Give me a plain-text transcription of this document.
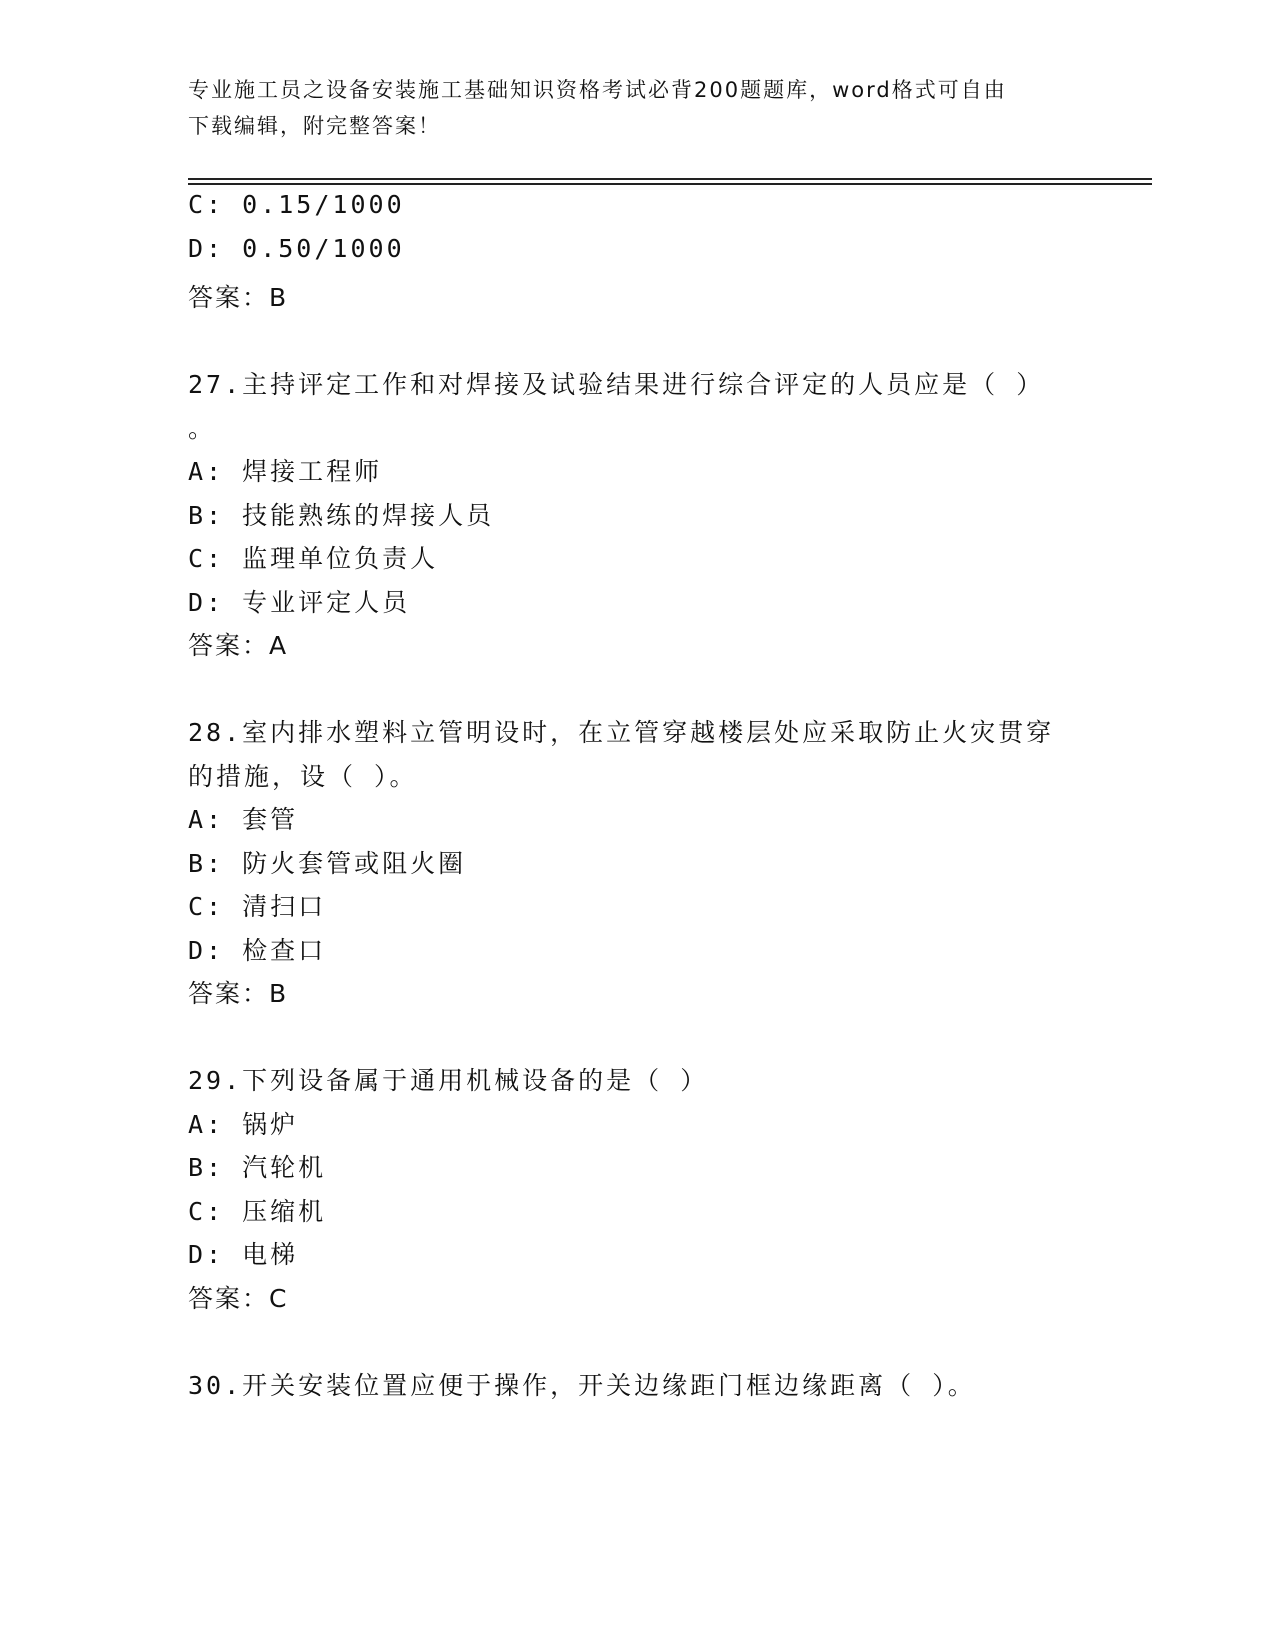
专业施工员之设备安装施工基础知识资格考试必背200题题库，word格式可自由
下载编辑，附完整答案！
C: 0.15/1000
D: 0.50/1000
答案：B
27.主持评定工作和对焊接及试验结果进行综合评定的人员应是（ ）
。
A: 焊接工程师
B: 技能熟练的焊接人员
C: 监理单位负责人
D: 专业评定人员
答案：A
28.室内排水塑料立管明设时，在立管穿越楼层处应采取防止火灾贯穿
的措施，设（ ）。
A: 套管
B: 防火套管或阻火圈
C: 清扫口
D: 检查口
答案：B
29.下列设备属于通用机械设备的是（ ）
A: 锅炉
B: 汽轮机
C: 压缩机
D: 电梯
答案：C
30.开关安装位置应便于操作，开关边缘距门框边缘距离（ ）。
